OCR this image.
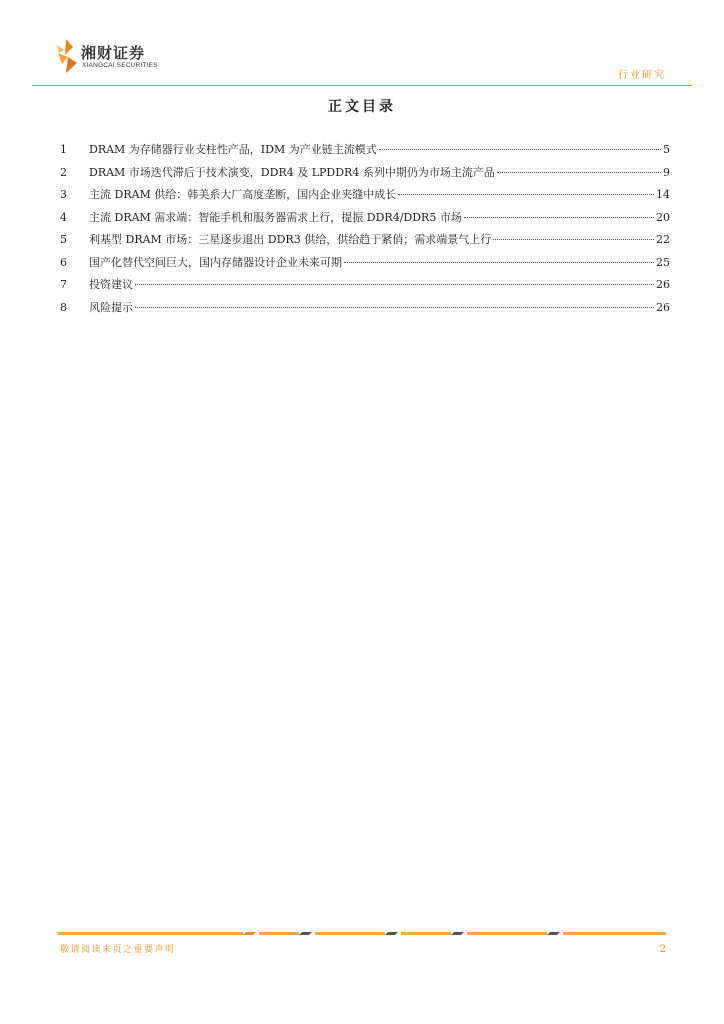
湘财证券
XIANGCAI SECURITIES
行业研究
正文目录
1	DRAM 为存储器行业支柱性产品，IDM 为产业链主流模式	5
2	DRAM 市场迭代滞后于技术演变，DDR4 及 LPDDR4 系列中期仍为市场主流产品	9
3	主流 DRAM 供给：韩美系大厂高度垄断，国内企业夹缝中成长	14
4	主流 DRAM 需求端：智能手机和服务器需求上行，提振 DDR4/DDR5 市场	20
5	利基型 DRAM 市场：三星逐步退出 DDR3 供给，供给趋于紧俏；需求端景气上行	22
6	国产化替代空间巨大，国内存储器设计企业未来可期	25
7	投资建议	26
8	风险提示	26
敬请阅读末页之重要声明	2
